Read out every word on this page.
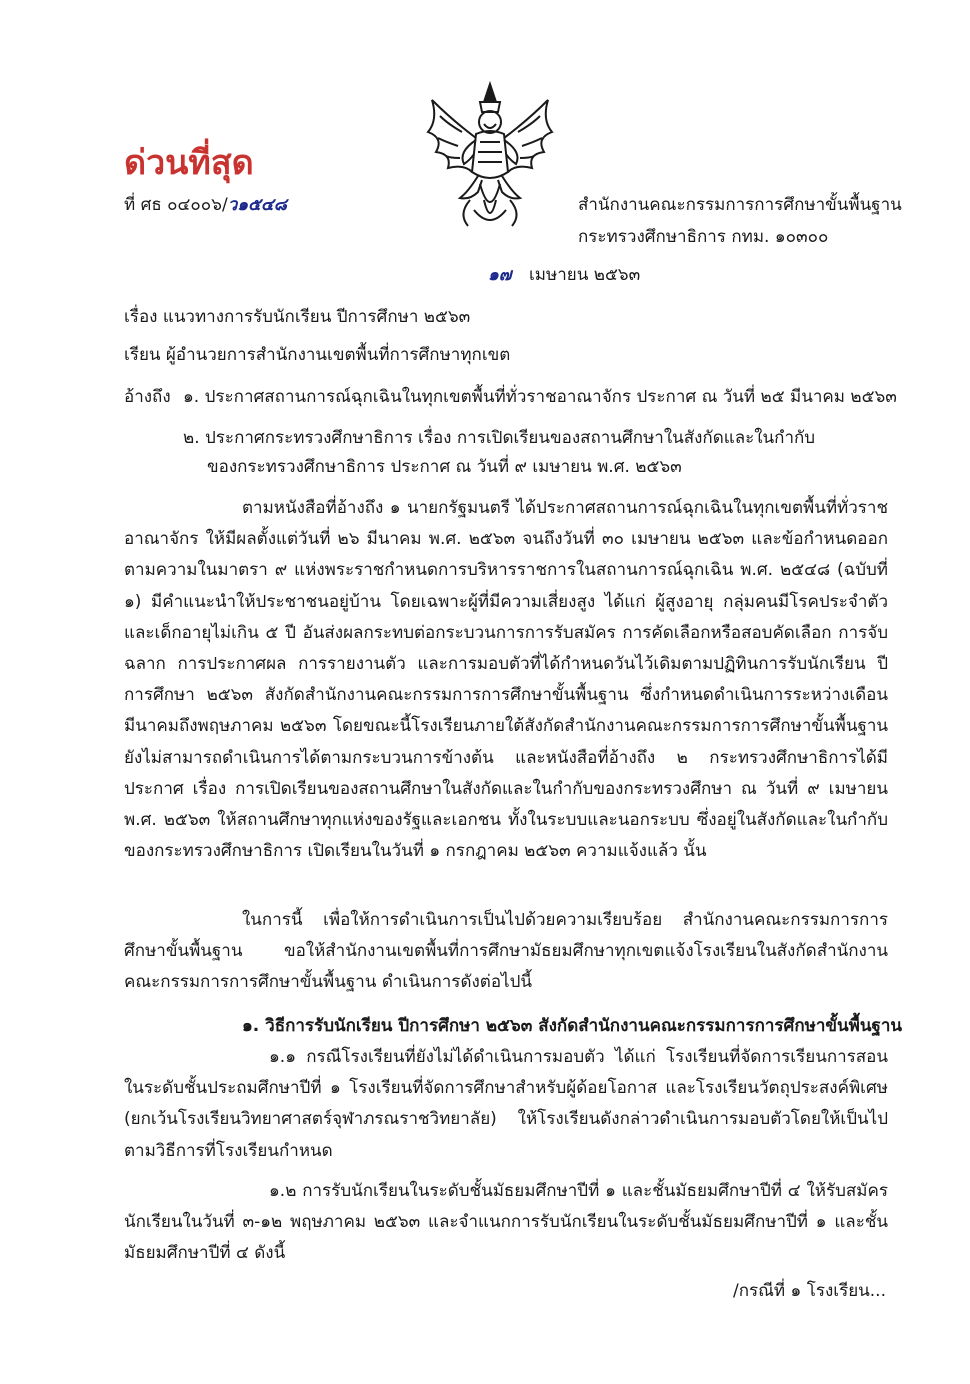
ด่วนที่สุด
ที่ ศธ ๐๔๐๐๖/ว๑๕๔๘	สำนักงานคณะกรรมการการศึกษาขั้นพื้นฐาน
กระทรวงศึกษาธิการ กทม. ๑๐๓๐๐
๑๗ เมษายน ๒๕๖๓
เรื่อง แนวทางการรับนักเรียน ปีการศึกษา ๒๕๖๓
เรียน ผู้อำนวยการสำนักงานเขตพื้นที่การศึกษาทุกเขต
อ้างถึง ๑. ประกาศสถานการณ์ฉุกเฉินในทุกเขตพื้นที่ทั่วราชอาณาจักร ประกาศ ณ วันที่ ๒๕ มีนาคม ๒๕๖๓
๒. ประกาศกระทรวงศึกษาธิการ เรื่อง การเปิดเรียนของสถานศึกษาในสังกัดและในกำกับ
ของกระทรวงศึกษาธิการ ประกาศ ณ วันที่ ๙ เมษายน พ.ศ. ๒๕๖๓
ตามหนังสือที่อ้างถึง ๑ นายกรัฐมนตรี ได้ประกาศสถานการณ์ฉุกเฉินในทุกเขตพื้นที่ทั่วราชอาณาจักร ให้มีผลตั้งแต่วันที่ ๒๖ มีนาคม พ.ศ. ๒๕๖๓ จนถึงวันที่ ๓๐ เมษายน ๒๕๖๓ และข้อกำหนดออกตามความในมาตรา ๙ แห่งพระราชกำหนดการบริหารราชการในสถานการณ์ฉุกเฉิน พ.ศ. ๒๕๔๘ (ฉบับที่ ๑) มีคำแนะนำให้ประชาชนอยู่บ้าน โดยเฉพาะผู้ที่มีความเสี่ยงสูง ได้แก่ ผู้สูงอายุ กลุ่มคนมีโรคประจำตัว และเด็กอายุไม่เกิน ๕ ปี อันส่งผลกระทบต่อกระบวนการการรับสมัคร การคัดเลือกหรือสอบคัดเลือก การจับฉลาก การประกาศผล การรายงานตัว และการมอบตัวที่ได้กำหนดวันไว้เดิมตามปฏิทินการรับนักเรียน ปีการศึกษา ๒๕๖๓ สังกัดสำนักงานคณะกรรมการการศึกษาขั้นพื้นฐาน ซึ่งกำหนดดำเนินการระหว่างเดือนมีนาคมถึงพฤษภาคม ๒๕๖๓ โดยขณะนี้โรงเรียนภายใต้สังกัดสำนักงานคณะกรรมการการศึกษาขั้นพื้นฐานยังไม่สามารถดำเนินการได้ตามกระบวนการข้างต้น และหนังสือที่อ้างถึง ๒ กระทรวงศึกษาธิการได้มีประกาศ เรื่อง การเปิดเรียนของสถานศึกษาในสังกัดและในกำกับของกระทรวงศึกษา ณ วันที่ ๙ เมษายน พ.ศ. ๒๕๖๓ ให้สถานศึกษาทุกแห่งของรัฐและเอกชน ทั้งในระบบและนอกระบบ ซึ่งอยู่ในสังกัดและในกำกับของกระทรวงศึกษาธิการ เปิดเรียนในวันที่ ๑ กรกฎาคม ๒๕๖๓ ความแจ้งแล้ว นั้น
ในการนี้ เพื่อให้การดำเนินการเป็นไปด้วยความเรียบร้อย สำนักงานคณะกรรมการการศึกษาขั้นพื้นฐาน ขอให้สำนักงานเขตพื้นที่การศึกษามัธยมศึกษาทุกเขตแจ้งโรงเรียนในสังกัดสำนักงานคณะกรรมการการศึกษาขั้นพื้นฐาน ดำเนินการดังต่อไปนี้
๑. วิธีการรับนักเรียน ปีการศึกษา ๒๕๖๓ สังกัดสำนักงานคณะกรรมการการศึกษาขั้นพื้นฐาน
๑.๑ กรณีโรงเรียนที่ยังไม่ได้ดำเนินการมอบตัว ได้แก่ โรงเรียนที่จัดการเรียนการสอนในระดับชั้นประถมศึกษาปีที่ ๑ โรงเรียนที่จัดการศึกษาสำหรับผู้ด้อยโอกาส และโรงเรียนวัตถุประสงค์พิเศษ (ยกเว้นโรงเรียนวิทยาศาสตร์จุฬาภรณราชวิทยาลัย) ให้โรงเรียนดังกล่าวดำเนินการมอบตัวโดยให้เป็นไปตามวิธีการที่โรงเรียนกำหนด
๑.๒ การรับนักเรียนในระดับชั้นมัธยมศึกษาปีที่ ๑ และชั้นมัธยมศึกษาปีที่ ๔ ให้รับสมัครนักเรียนในวันที่ ๓-๑๒ พฤษภาคม ๒๕๖๓ และจำแนกการรับนักเรียนในระดับชั้นมัธยมศึกษาปีที่ ๑ และชั้นมัธยมศึกษาปีที่ ๔ ดังนี้
/กรณีที่ ๑ โรงเรียน...
